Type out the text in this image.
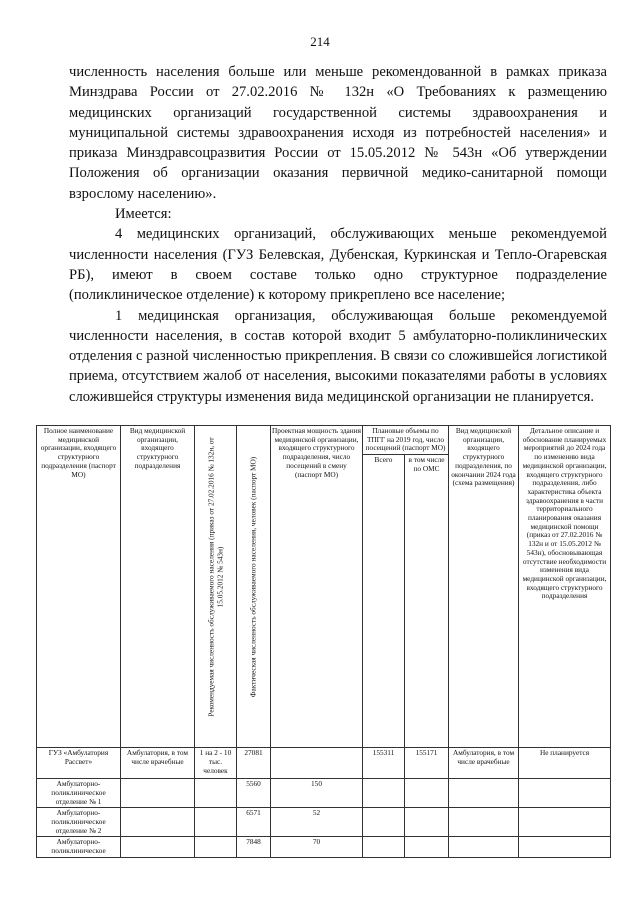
214

численность населения больше или меньше рекомендованной в рамках приказа Минздрава России от 27.02.2016 № 132н «О Требованиях к размещению медицинских организаций государственной системы здравоохранения и муниципальной системы здравоохранения исходя из потребностей населения» и приказа Минздравсоцразвития России от 15.05.2012 № 543н «Об утверждении Положения об организации оказания первичной медико-санитарной помощи взрослому населению».

Имеется:

4 медицинских организаций, обслуживающих меньше рекомендуемой численности населения (ГУЗ Белевская, Дубенская, Куркинская и Тепло-Огаревская РБ), имеют в своем составе только одно структурное подразделение (поликлиническое отделение) к которому прикреплено все население;

1 медицинская организация, обслуживающая больше рекомендуемой численности населения, в состав которой входит 5 амбулаторно-поликлинических отделения с разной численностью прикрепления. В связи со сложившейся логистикой приема, отсутствием жалоб от населения, высокими показателями работы в условиях сложившейся структуры изменения вида медицинской организации не планируется.

Полное наименование медицинской организации, входящего структурного подразделения (паспорт МО)	Вид медицинской организации, входящего структурного подразделения	Рекомендуемая численность обслуживаемого населения (приказ от 27.02.2016 № 132н, от 15.05.2012 № 543н)	Фактическая численность обслуживаемого населения, человек (паспорт МО)	Проектная мощность здания медицинской организации, входящего структурного подразделения, число посещений в смену (паспорт МО)	Плановые объемы по ТПГГ на 2019 год, число посещений (паспорт МО)		Вид медицинской организации, входящего структурного подразделения, по окончании 2024 года (схема размещения)	Детальное описание и обоснование планируемых мероприятий до 2024 года по изменению вида медицинской организации, входящего структурного подразделения, либо характеристика объекта здравоохранения в части территориального планирования оказания медицинской помощи (приказ от 27.02.2016 № 132н и от 15.05.2012 № 543н), обосновывающая отсутствие необходимости изменения вида медицинской организации, входящего структурного подразделения
					Всего	в том числе по ОМС		
ГУЗ «Амбулатория Рассвет»	Амбулатория, в том числе врачебные	1 на 2 - 10 тыс. человек	27081		155311	155171	Амбулатория, в том числе врачебные	Не планируется
Амбулаторно-поликлиническое отделение № 1			5560	150				
Амбулаторно-поликлиническое отделение № 2			6571	52				
Амбулаторно-поликлиническое			7848	70				
